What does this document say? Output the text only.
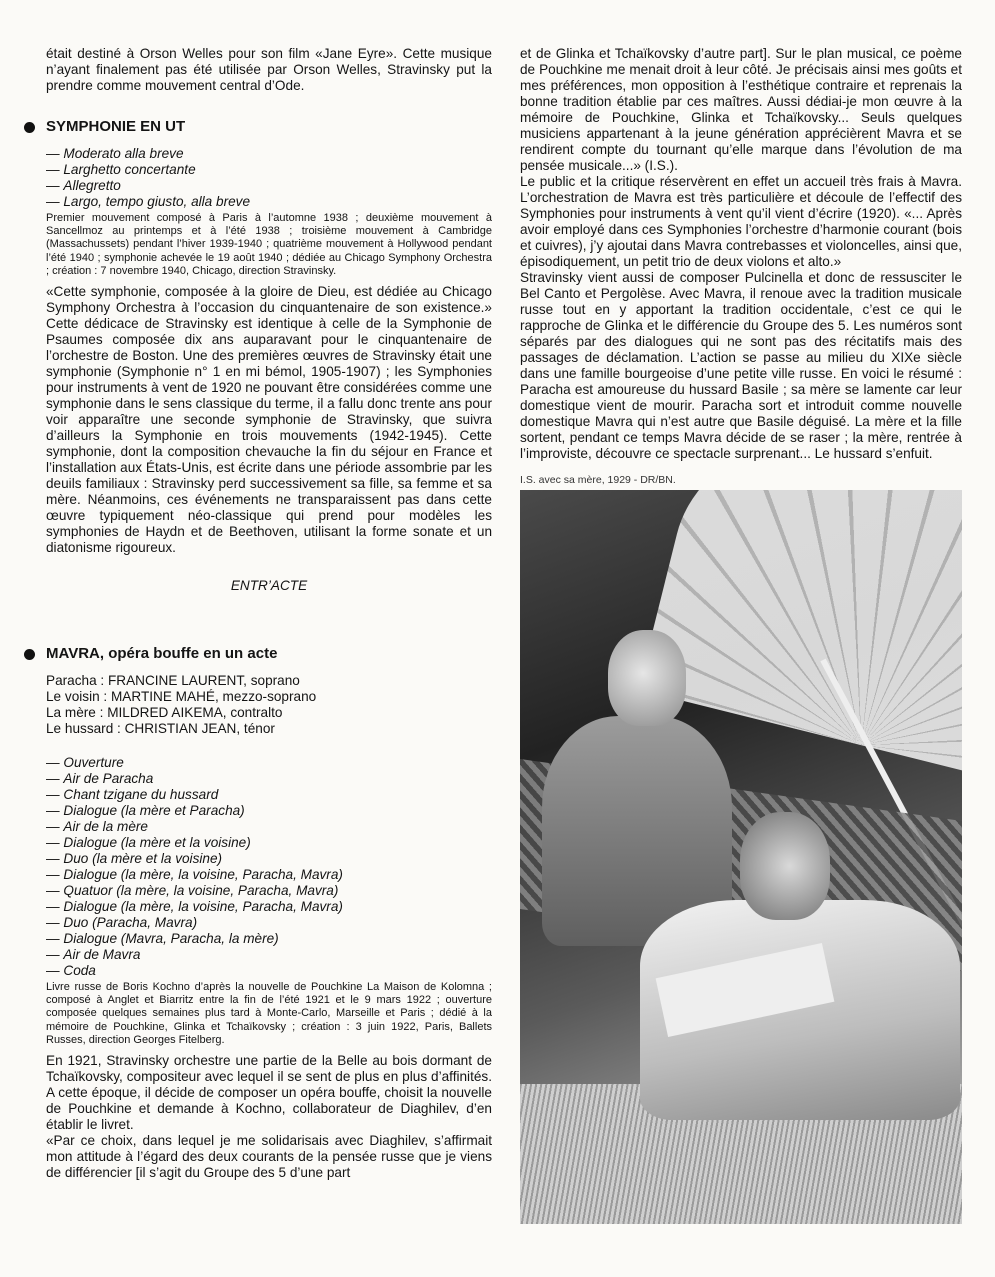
était destiné à Orson Welles pour son film «Jane Eyre». Cette musique n’ayant finalement pas été utilisée par Orson Welles, Stravinsky put la prendre comme mouvement central d’Ode.

SYMPHONIE EN UT
— Moderato alla breve
— Larghetto concertante
— Allegretto
— Largo, tempo giusto, alla breve

Premier mouvement composé à Paris à l’automne 1938 ; deuxième mouvement à Sancellmoz au printemps et à l’été 1938 ; troisième mouvement à Cambridge (Massachussets) pendant l’hiver 1939-1940 ; quatrième mouvement à Hollywood pendant l’été 1940 ; symphonie achevée le 19 août 1940 ; dédiée au Chicago Symphony Orchestra ; création : 7 novembre 1940, Chicago, direction Stravinsky.

«Cette symphonie, composée à la gloire de Dieu, est dédiée au Chicago Symphony Orchestra à l’occasion du cinquantenaire de son existence.» Cette dédicace de Stravinsky est identique à celle de la Symphonie de Psaumes composée dix ans auparavant pour le cinquantenaire de l’orchestre de Boston. Une des premières œuvres de Stravinsky était une symphonie (Symphonie n° 1 en mi bémol, 1905-1907) ; les Symphonies pour instruments à vent de 1920 ne pouvant être considérées comme une symphonie dans le sens classique du terme, il a fallu donc trente ans pour voir apparaître une seconde symphonie de Stravinsky, que suivra d’ailleurs la Symphonie en trois mouvements (1942-1945). Cette symphonie, dont la composition chevauche la fin du séjour en France et l’installation aux États-Unis, est écrite dans une période assombrie par les deuils familiaux : Stravinsky perd successivement sa fille, sa femme et sa mère. Néanmoins, ces événements ne transparaissent pas dans cette œuvre typiquement néo-classique qui prend pour modèles les symphonies de Haydn et de Beethoven, utilisant la forme sonate et un diatonisme rigoureux.

ENTR’ACTE
MAVRA, opéra bouffe en un acte
Paracha : FRANCINE LAURENT, soprano
Le voisin : MARTINE MAHÉ, mezzo-soprano
La mère : MILDRED AIKEMA, contralto
Le hussard : CHRISTIAN JEAN, ténor
— Ouverture
— Air de Paracha
— Chant tzigane du hussard
— Dialogue (la mère et Paracha)
— Air de la mère
— Dialogue (la mère et la voisine)
— Duo (la mère et la voisine)
— Dialogue (la mère, la voisine, Paracha, Mavra)
— Quatuor (la mère, la voisine, Paracha, Mavra)
— Dialogue (la mère, la voisine, Paracha, Mavra)
— Duo (Paracha, Mavra)
— Dialogue (Mavra, Paracha, la mère)
— Air de Mavra
— Coda

Livre russe de Boris Kochno d’après la nouvelle de Pouchkine La Maison de Kolomna ; composé à Anglet et Biarritz entre la fin de l’été 1921 et le 9 mars 1922 ; ouverture composée quelques semaines plus tard à Monte-Carlo, Marseille et Paris ; dédié à la mémoire de Pouchkine, Glinka et Tchaïkovsky ; création : 3 juin 1922, Paris, Ballets Russes, direction Georges Fitelberg.

En 1921, Stravinsky orchestre une partie de la Belle au bois dormant de Tchaïkovsky, compositeur avec lequel il se sent de plus en plus d’affinités. A cette époque, il décide de composer un opéra bouffe, choisit la nouvelle de Pouchkine et demande à Kochno, collaborateur de Diaghilev, d’en établir le livret.

«Par ce choix, dans lequel je me solidarisais avec Diaghilev, s’affirmait mon attitude à l’égard des deux courants de la pensée russe que je viens de différencier [il s’agit du Groupe des 5 d’une part

et de Glinka et Tchaïkovsky d’autre part]. Sur le plan musical, ce poème de Pouchkine me menait droit à leur côté. Je précisais ainsi mes goûts et mes préférences, mon opposition à l’esthétique contraire et reprenais la bonne tradition établie par ces maîtres. Aussi dédiai-je mon œuvre à la mémoire de Pouchkine, Glinka et Tchaïkovsky... Seuls quelques musiciens appartenant à la jeune génération apprécièrent Mavra et se rendirent compte du tournant qu’elle marque dans l’évolution de ma pensée musicale...» (I.S.).

Le public et la critique réservèrent en effet un accueil très frais à Mavra. L’orchestration de Mavra est très particulière et découle de l’effectif des Symphonies pour instruments à vent qu’il vient d’écrire (1920). «... Après avoir employé dans ces Symphonies l’orchestre d’harmonie courant (bois et cuivres), j’y ajoutai dans Mavra contrebasses et violoncelles, ainsi que, épisodiquement, un petit trio de deux violons et alto.»

Stravinsky vient aussi de composer Pulcinella et donc de ressusciter le Bel Canto et Pergolèse. Avec Mavra, il renoue avec la tradition musicale russe tout en y apportant la tradition occidentale, c’est ce qui le rapproche de Glinka et le différencie du Groupe des 5. Les numéros sont séparés par des dialogues qui ne sont pas des récitatifs mais des passages de déclamation. L’action se passe au milieu du XIXe siècle dans une famille bourgeoise d’une petite ville russe. En voici le résumé : Paracha est amoureuse du hussard Basile ; sa mère se lamente car leur domestique vient de mourir. Paracha sort et introduit comme nouvelle domestique Mavra qui n’est autre que Basile déguisé. La mère et la fille sortent, pendant ce temps Mavra décide de se raser ; la mère, rentrée à l’improviste, découvre ce spectacle surprenant... Le hussard s’enfuit.

I.S. avec sa mère, 1929 - DR/BN.
